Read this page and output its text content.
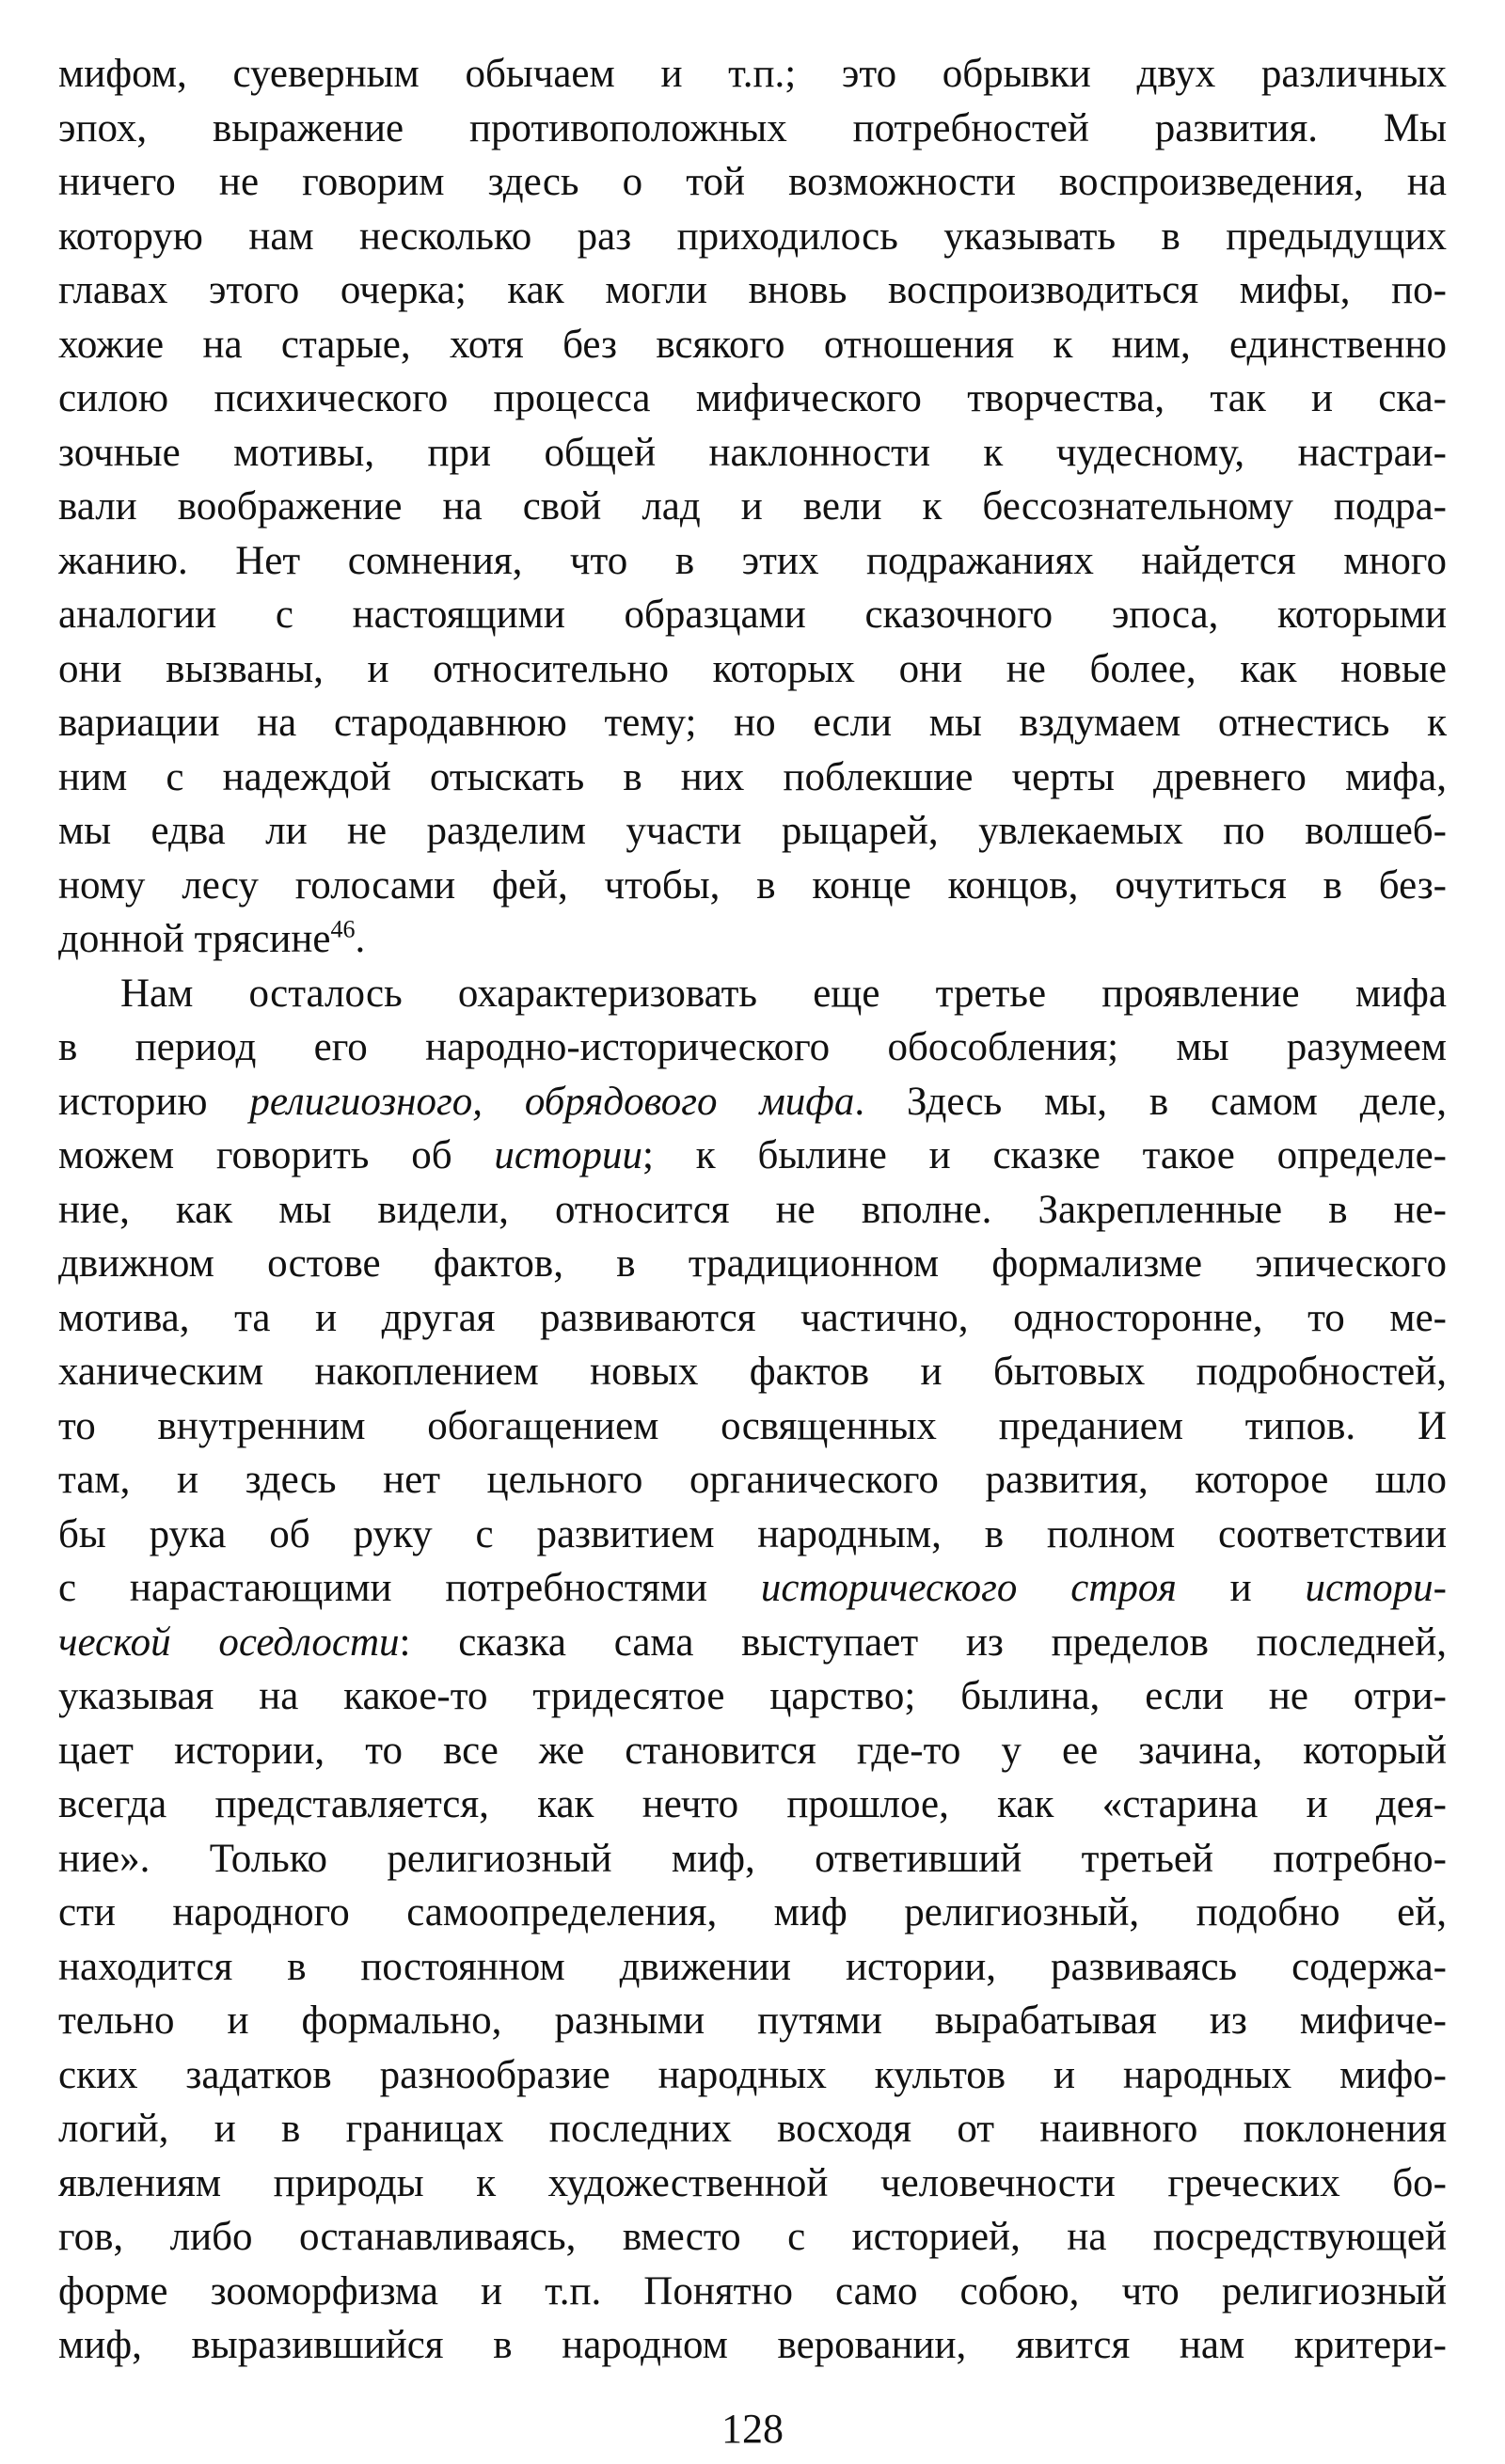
мифом, суеверным обычаем и т.п.; это обрывки двух различных
эпох, выражение противоположных потребностей развития. Мы
ничего не говорим здесь о той возможности воспроизведения, на
которую нам несколько раз приходилось указывать в предыдущих
главах этого очерка; как могли вновь воспроизводиться мифы, по-
хожие на старые, хотя без всякого отношения к ним, единственно
силою психического процесса мифического творчества, так и ска-
зочные мотивы, при общей наклонности к чудесному, настраи-
вали воображение на свой лад и вели к бессознательному подра-
жанию. Нет сомнения, что в этих подражаниях найдется много
аналогии с настоящими образцами сказочного эпоса, которыми
они вызваны, и относительно которых они не более, как новые
вариации на стародавнюю тему; но если мы вздумаем отнестись к
ним с надеждой отыскать в них поблекшие черты древнего мифа,
мы едва ли не разделим участи рыцарей, увлекаемых по волшеб-
ному лесу голосами фей, чтобы, в конце концов, очутиться в без-
донной трясине$^{46}$.
Нам осталось охарактеризовать еще третье проявление мифа
в период его народно-исторического обособления; мы разумеем
историю религиозного, обрядового мифа. Здесь мы, в самом деле,
можем говорить об истории; к былине и сказке такое определе-
ние, как мы видели, относится не вполне. Закрепленные в не-
движном остове фактов, в традиционном формализме эпического
мотива, та и другая развиваются частично, односторонне, то ме-
ханическим накоплением новых фактов и бытовых подробностей,
то внутренним обогащением освященных преданием типов. И
там, и здесь нет цельного органического развития, которое шло
бы рука об руку с развитием народным, в полном соответствии
с нарастающими потребностями исторического строя и истори-
ческой оседлости: сказка сама выступает из пределов последней,
указывая на какое-то тридесятое царство; былина, если не отри-
цает истории, то все же становится где-то у ее зачина, который
всегда представляется, как нечто прошлое, как «старина и дея-
ние». Только религиозный миф, ответивший третьей потребно-
сти народного самоопределения, миф религиозный, подобно ей,
находится в постоянном движении истории, развиваясь содержа-
тельно и формально, разными путями вырабатывая из мифиче-
ских задатков разнообразие народных культов и народных мифо-
логий, и в границах последних восходя от наивного поклонения
явлениям природы к художественной человечности греческих бо-
гов, либо останавливаясь, вместо с историей, на посредствующей
форме зооморфизма и т.п. Понятно само собою, что религиозный
миф, выразившийся в народном веровании, явится нам критери-
128
